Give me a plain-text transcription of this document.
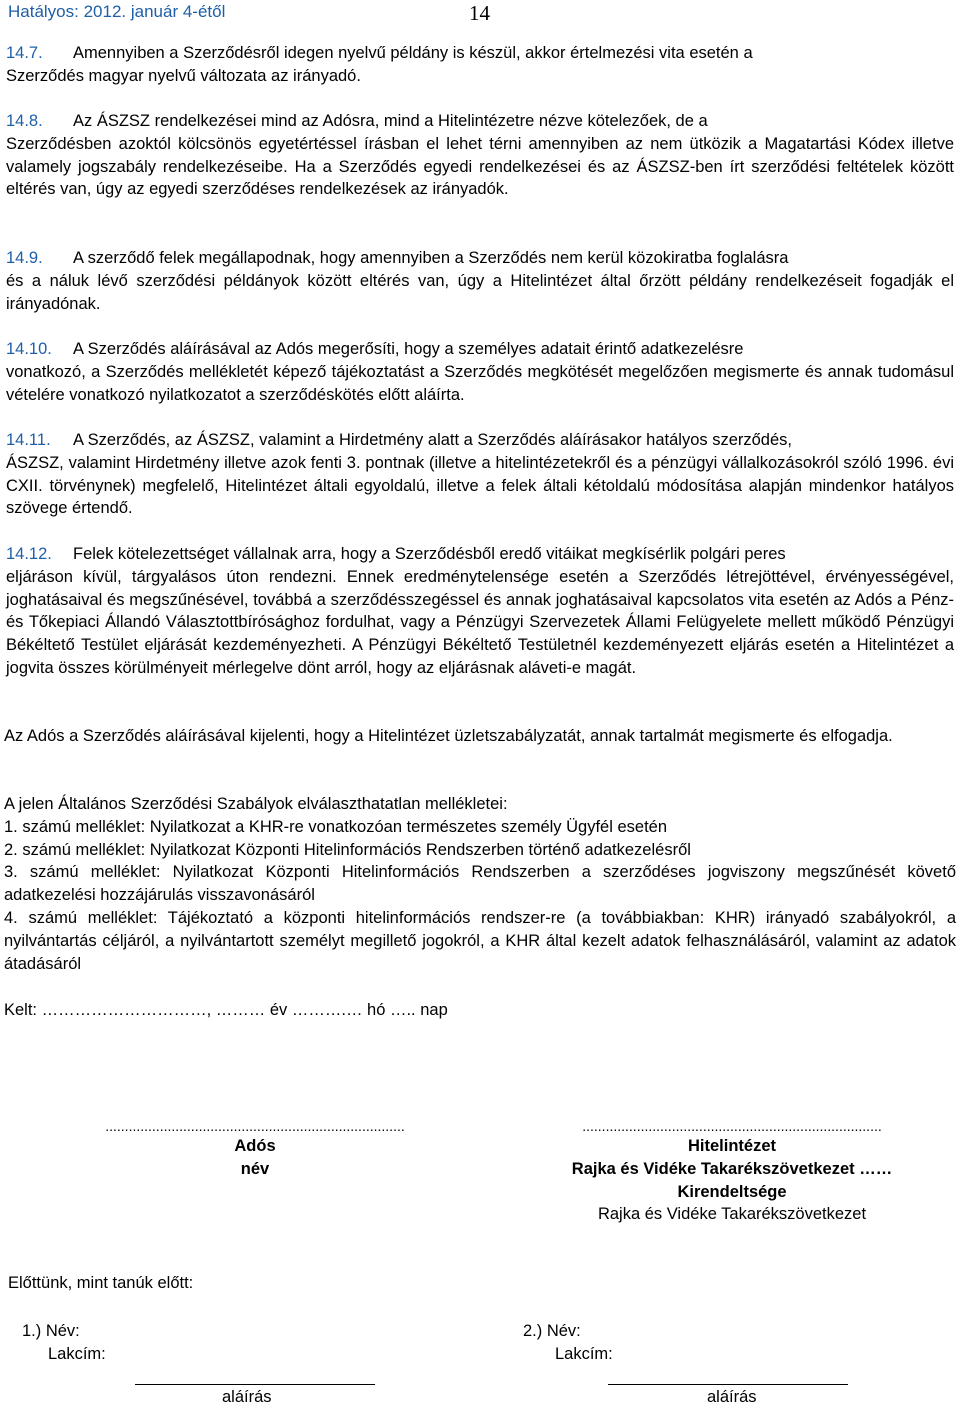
Hatályos: 2012. január 4-étől	14
14.7.	Amennyiben a Szerződésről idegen nyelvű példány is készül, akkor értelmezési vita esetén a
Szerződés magyar nyelvű változata az irányadó.
14.8.	Az ÁSZSZ rendelkezései mind az Adósra, mind a Hitelintézetre nézve kötelezőek, de a
Szerződésben azoktól kölcsönös egyetértéssel írásban el lehet térni amennyiben az nem ütközik a Magatartási Kódex illetve valamely jogszabály rendelkezéseibe. Ha a Szerződés egyedi rendelkezései és az ÁSZSZ-ben írt szerződési feltételek között eltérés van, úgy az egyedi szerződéses rendelkezések az irányadók.
14.9.	A szerződő felek megállapodnak, hogy amennyiben a Szerződés nem kerül közokiratba foglalásra
és a náluk lévő szerződési példányok között eltérés van, úgy a Hitelintézet által őrzött példány rendelkezéseit fogadják el irányadónak.
14.10.	A Szerződés aláírásával az Adós megerősíti, hogy a személyes adatait érintő adatkezelésre
vonatkozó, a Szerződés mellékletét képező tájékoztatást a Szerződés megkötését megelőzően megismerte és annak tudomásul vételére vonatkozó nyilatkozatot a szerződéskötés előtt aláírta.
14.11.	A Szerződés, az ÁSZSZ, valamint a Hirdetmény alatt a Szerződés aláírásakor hatályos szerződés,
ÁSZSZ, valamint Hirdetmény illetve azok fenti 3. pontnak (illetve a hitelintézetekről és a pénzügyi vállalkozásokról szóló 1996. évi CXII. törvénynek) megfelelő, Hitelintézet általi egyoldalú, illetve a felek általi kétoldalú módosítása alapján mindenkor hatályos szövege értendő.
14.12.	Felek kötelezettséget vállalnak arra, hogy a Szerződésből eredő vitáikat megkísérlik polgári peres
eljáráson kívül, tárgyalásos úton rendezni. Ennek eredménytelensége esetén a Szerződés létrejöttével, érvényességével, joghatásaival és megszűnésével, továbbá a szerződésszegéssel és annak joghatásaival kapcsolatos vita esetén az Adós a Pénz-és Tőkepiaci Állandó Választottbírósághoz fordulhat, vagy a Pénzügyi Szervezetek Állami Felügyelete mellett működő Pénzügyi Békéltető Testület eljárását kezdeményezheti. A Pénzügyi Békéltető Testületnél kezdeményezett eljárás esetén a Hitelintézet a jogvita összes körülményeit mérlegelve dönt arról, hogy az eljárásnak aláveti-e magát.
Az Adós a Szerződés aláírásával kijelenti, hogy a Hitelintézet üzletszabályzatát, annak tartalmát megismerte és elfogadja.
A jelen Általános Szerződési Szabályok elválaszthatatlan mellékletei:
1. számú melléklet: Nyilatkozat a KHR-re vonatkozóan természetes személy Ügyfél esetén
2. számú melléklet: Nyilatkozat Központi Hitelinformációs Rendszerben történő adatkezelésről
3. számú melléklet: Nyilatkozat Központi Hitelinformációs Rendszerben a szerződéses jogviszony megszűnését követő adatkezelési hozzájárulás visszavonásáról
4. számú melléklet: Tájékoztató a központi hitelinformációs rendszer-re (a továbbiakban: KHR) irányadó szabályokról, a nyilvántartás céljáról, a nyilvántartott személyt megillető jogokról, a KHR által kezelt adatok felhasználásáról, valamint az adatok átadásáról
Kelt: …………………………, ……… év ……….… hó ….. nap
.............................................................................
Adós
név
.............................................................................
Hitelintézet
Rajka és Vidéke Takarékszövetkezet ……
Kirendeltsége
Rajka és Vidéke Takarékszövetkezet
Előttünk, mint tanúk előtt:
1.) Név:
Lakcím:
aláírás
2.) Név:
Lakcím:
aláírás
